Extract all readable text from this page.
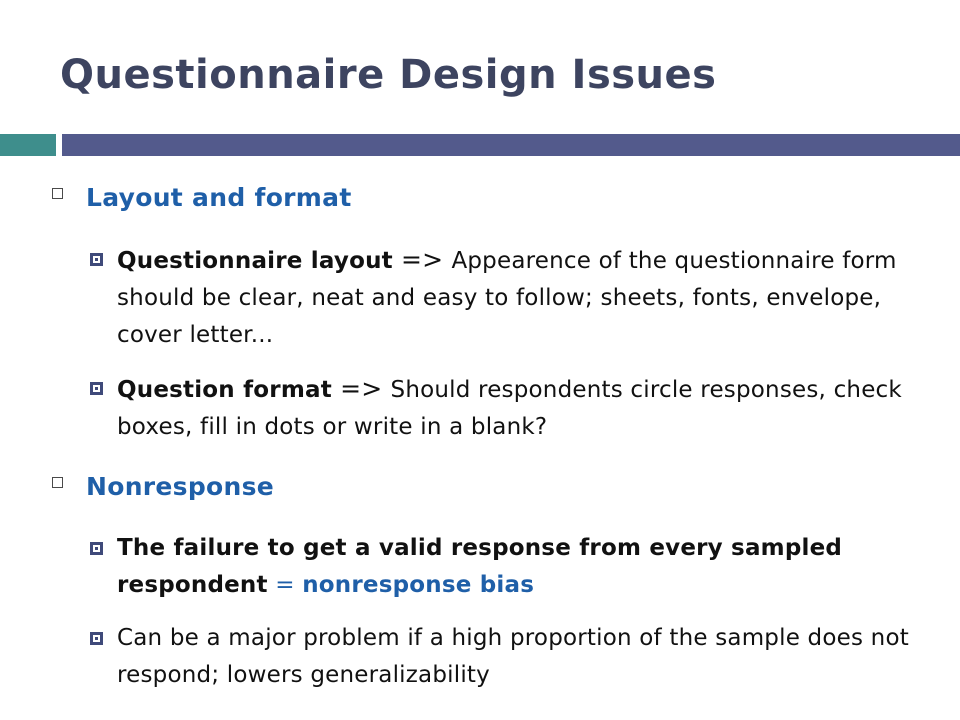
Questionnaire Design Issues
Layout and format

Questionnaire layout => Appearence of the questionnaire form should be clear, neat and easy to follow; sheets, fonts, envelope, cover letter...

Question format => Should respondents circle responses, check boxes, fill in dots or write in a blank?

Nonresponse

The failure to get a valid response from every sampled respondent = nonresponse bias

Can be a major problem if a high proportion of the sample does not respond; lowers generalizability
